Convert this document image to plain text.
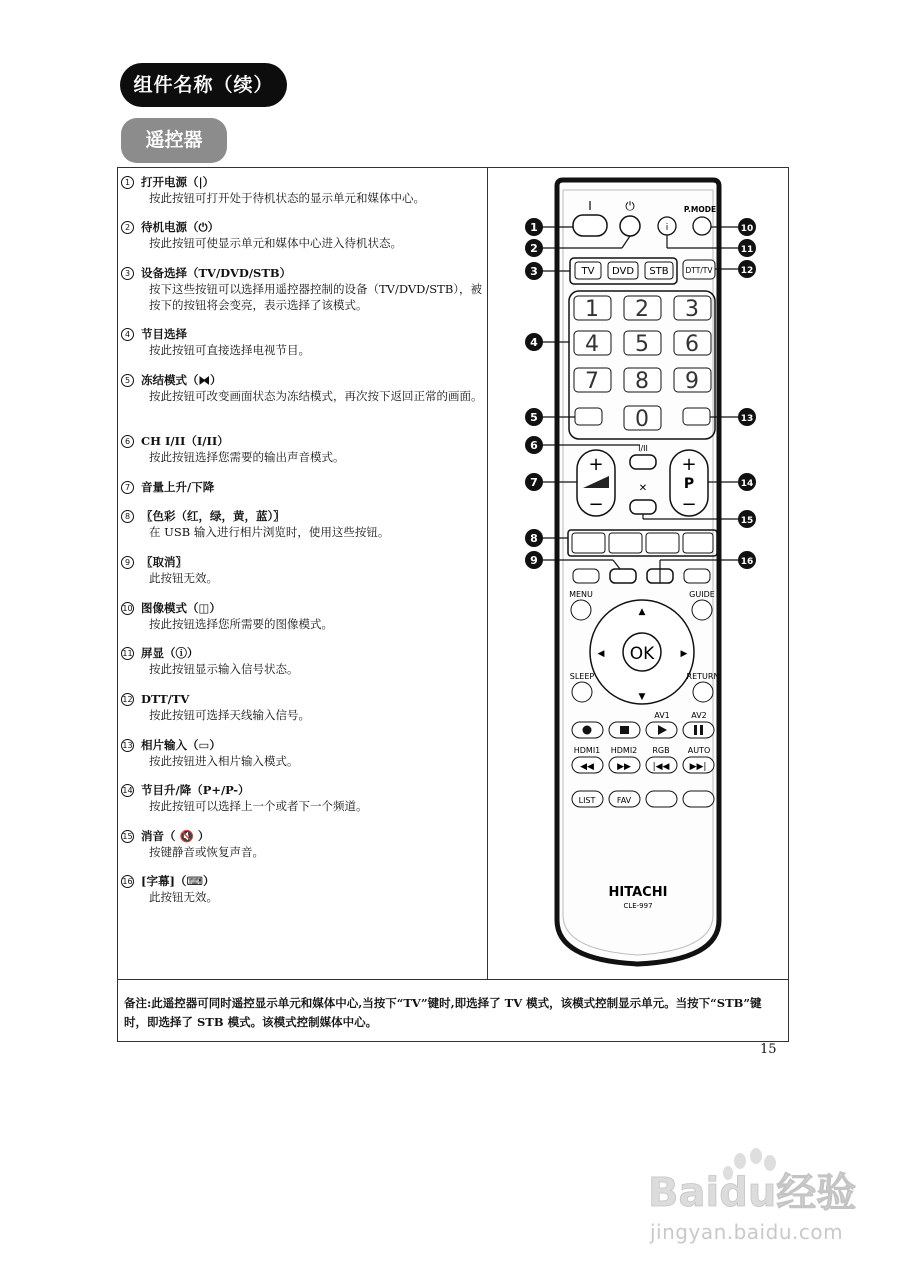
组件名称（续）
遥控器
1 打开电源（|）
按此按钮可打开处于待机状态的显示单元和媒体中心。
2 待机电源（⏻）
按此按钮可使显示单元和媒体中心进入待机状态。
3 设备选择（TV/DVD/STB）
按下这些按钮可以选择用遥控器控制的设备（TV/DVD/STB），被按下的按钮将会变亮，表示选择了该模式。
4 节目选择
按此按钮可直接选择电视节目。
5 冻结模式（⧓）
按此按钮可改变画面状态为冻结模式，再次按下返回正常的画面。
6 CH I/II（I/II）
按此按钮选择您需要的输出声音模式。
7 音量上升/下降
8 〖色彩（红，绿，黄，蓝）〗
在 USB 输入进行相片浏览时，使用这些按钮。
9 〖取消〗
此按钮无效。
10 图像模式（◫）
按此按钮选择您所需要的图像模式。
11 屏显（ⓘ）
按此按钮显示输入信号状态。
12 DTT/TV
按此按钮可选择天线输入信号。
13 相片输入（▭）
按此按钮进入相片输入模式。
14 节目升/降（P+/P-）
按此按钮可以选择上一个或者下一个频道。
15 消音（ 🔇 ）
按键静音或恢复声音。
16 [字幕]（⌨）
此按钮无效。
I	⏻
i
P.MODE
TV DVD STB DTT/TV
1 2 3
4 5 6
7 8 9
0
I/II
+
−
+
P
−
✕
MENU	GUIDE
OK
▲
▼
◀	▶
SLEEP	RETURN
AV1	AV2
HDMI1 HDMI2 RGB AUTO
◀◀	▶▶ |◀◀ ▶▶|
LIST	FAV
HITACHI
CLE-997
1
2
3
4
5
6
7
8
9
10
11
12
13
14
15
16
备注:此遥控器可同时遥控显示单元和媒体中心,当按下“TV”键时,即选择了 TV 模式，该模式控制显示单元。当按下“STB”键时，即选择了 STB 模式。该模式控制媒体中心。
15
Baidu经验
jingyan.baidu.com
